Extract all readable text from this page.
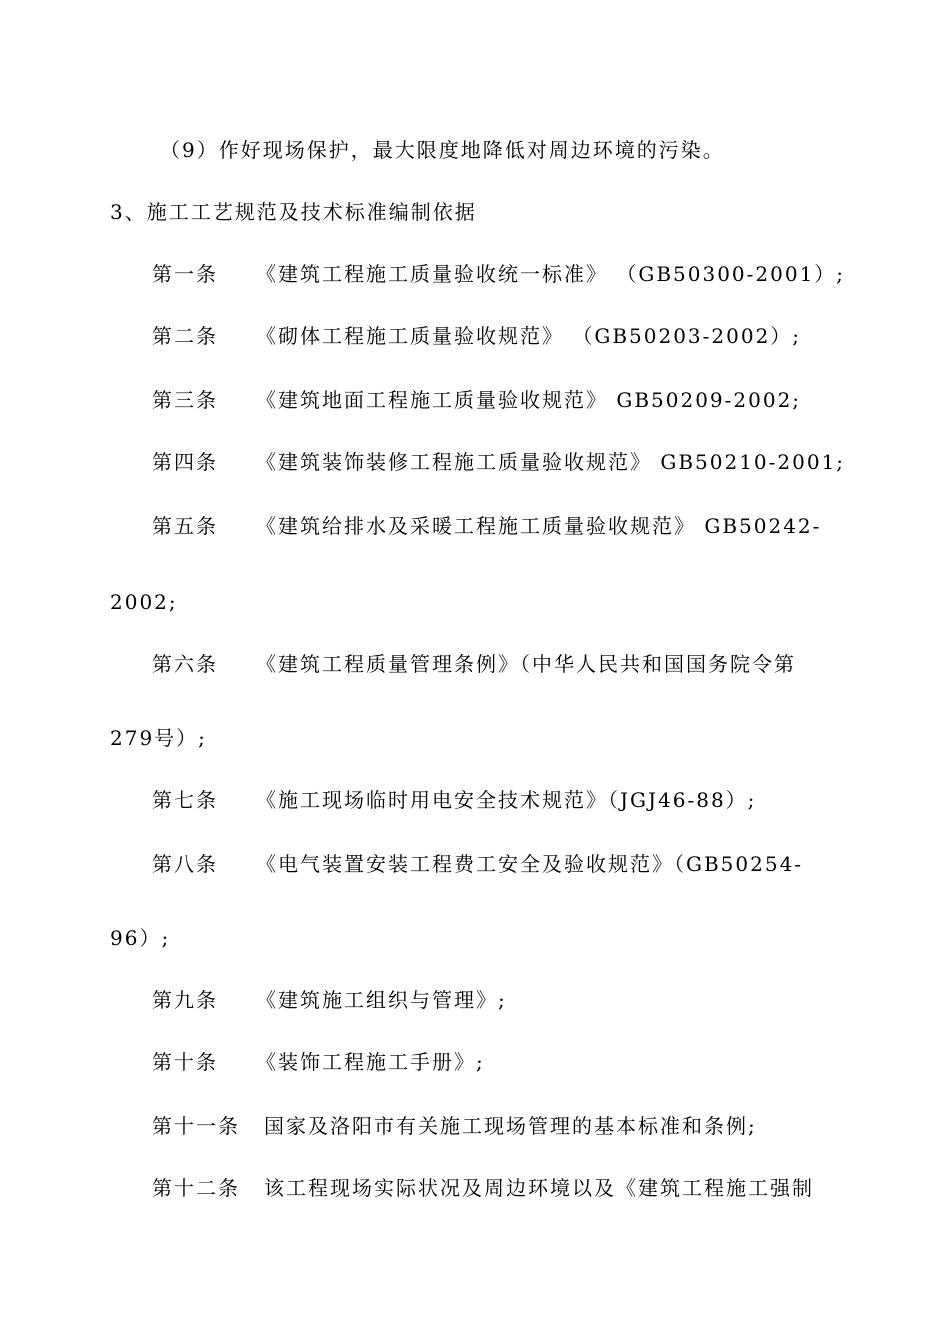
（9）作好现场保护，最大限度地降低对周边环境的污染。
3、施工工艺规范及技术标准编制依据
第一条 《建筑工程施工质量验收统一标准》 （GB50300-2001）;
第二条 《砌体工程施工质量验收规范》 （GB50203-2002）;
第三条 《建筑地面工程施工质量验收规范》 GB50209-2002;
第四条 《建筑装饰装修工程施工质量验收规范》 GB50210-2001;
第五条 《建筑给排水及采暖工程施工质量验收规范》 GB50242-
2002;
第六条 《建筑工程质量管理条例》（中华人民共和国国务院令第
279号）;
第七条 《施工现场临时用电安全技术规范》（JGJ46-88）;
第八条 《电气装置安装工程费工安全及验收规范》（GB50254-
96）;
第九条 《建筑施工组织与管理》;
第十条 《装饰工程施工手册》;
第十一条 国家及洛阳市有关施工现场管理的基本标准和条例;
第十二条 该工程现场实际状况及周边环境以及《建筑工程施工强制
